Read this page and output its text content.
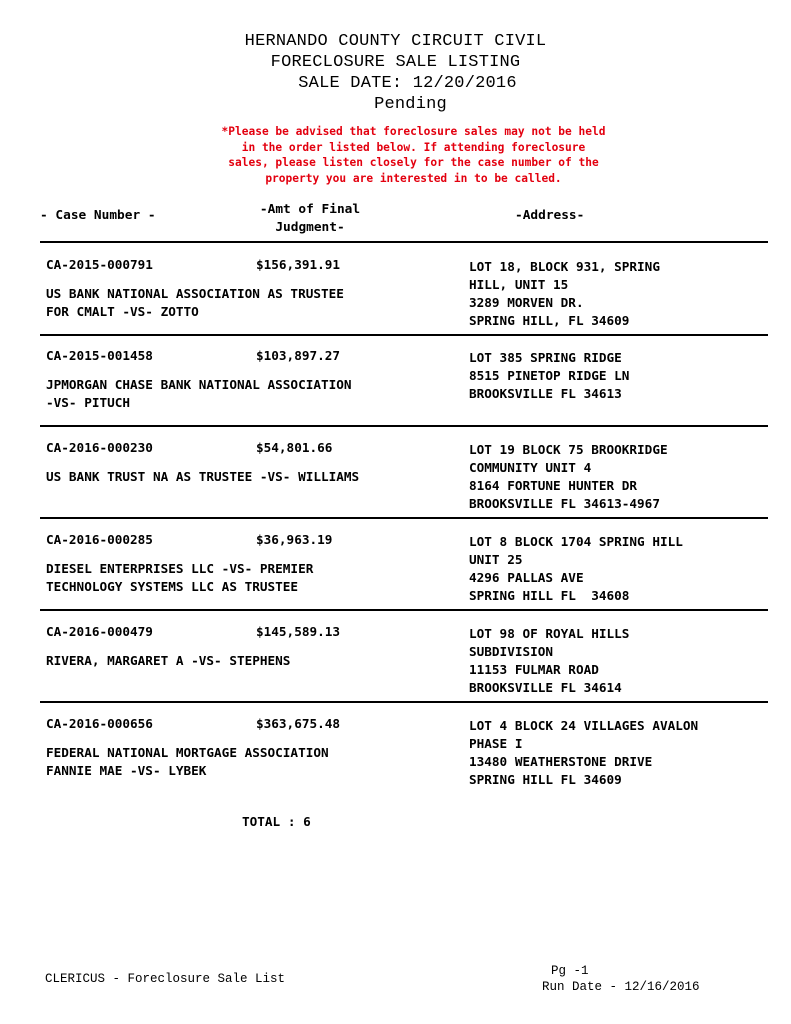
HERNANDO COUNTY CIRCUIT CIVIL
FORECLOSURE SALE LISTING
SALE DATE: 12/20/2016
Pending
*Please be advised that foreclosure sales may not be held
in the order listed below. If attending foreclosure
sales, please listen closely for the case number of the
property you are interested in to be called.
- Case Number -	-Amt of Final
Judgment-
-Address-
CA-2015-000791	$156,391.91
US BANK NATIONAL ASSOCIATION AS TRUSTEE
FOR CMALT -VS- ZOTTO
LOT 18, BLOCK 931, SPRING
HILL, UNIT 15
3289 MORVEN DR.
SPRING HILL, FL 34609
CA-2015-001458	$103,897.27
JPMORGAN CHASE BANK NATIONAL ASSOCIATION
-VS- PITUCH
LOT 385 SPRING RIDGE
8515 PINETOP RIDGE LN
BROOKSVILLE FL 34613
CA-2016-000230	$54,801.66
US BANK TRUST NA AS TRUSTEE -VS- WILLIAMS
LOT 19 BLOCK 75 BROOKRIDGE
COMMUNITY UNIT 4
8164 FORTUNE HUNTER DR
BROOKSVILLE FL 34613-4967
CA-2016-000285	$36,963.19
DIESEL ENTERPRISES LLC -VS- PREMIER
TECHNOLOGY SYSTEMS LLC AS TRUSTEE
LOT 8 BLOCK 1704 SPRING HILL
UNIT 25
4296 PALLAS AVE
SPRING HILL FL  34608
CA-2016-000479	$145,589.13
RIVERA, MARGARET A -VS- STEPHENS
LOT 98 OF ROYAL HILLS
SUBDIVISION
11153 FULMAR ROAD
BROOKSVILLE FL 34614
CA-2016-000656	$363,675.48
FEDERAL NATIONAL MORTGAGE ASSOCIATION
FANNIE MAE -VS- LYBEK
LOT 4 BLOCK 24 VILLAGES AVALON
PHASE I
13480 WEATHERSTONE DRIVE
SPRING HILL FL 34609
TOTAL : 6
CLERICUS - Foreclosure Sale List
Pg -1
Run Date - 12/16/2016
